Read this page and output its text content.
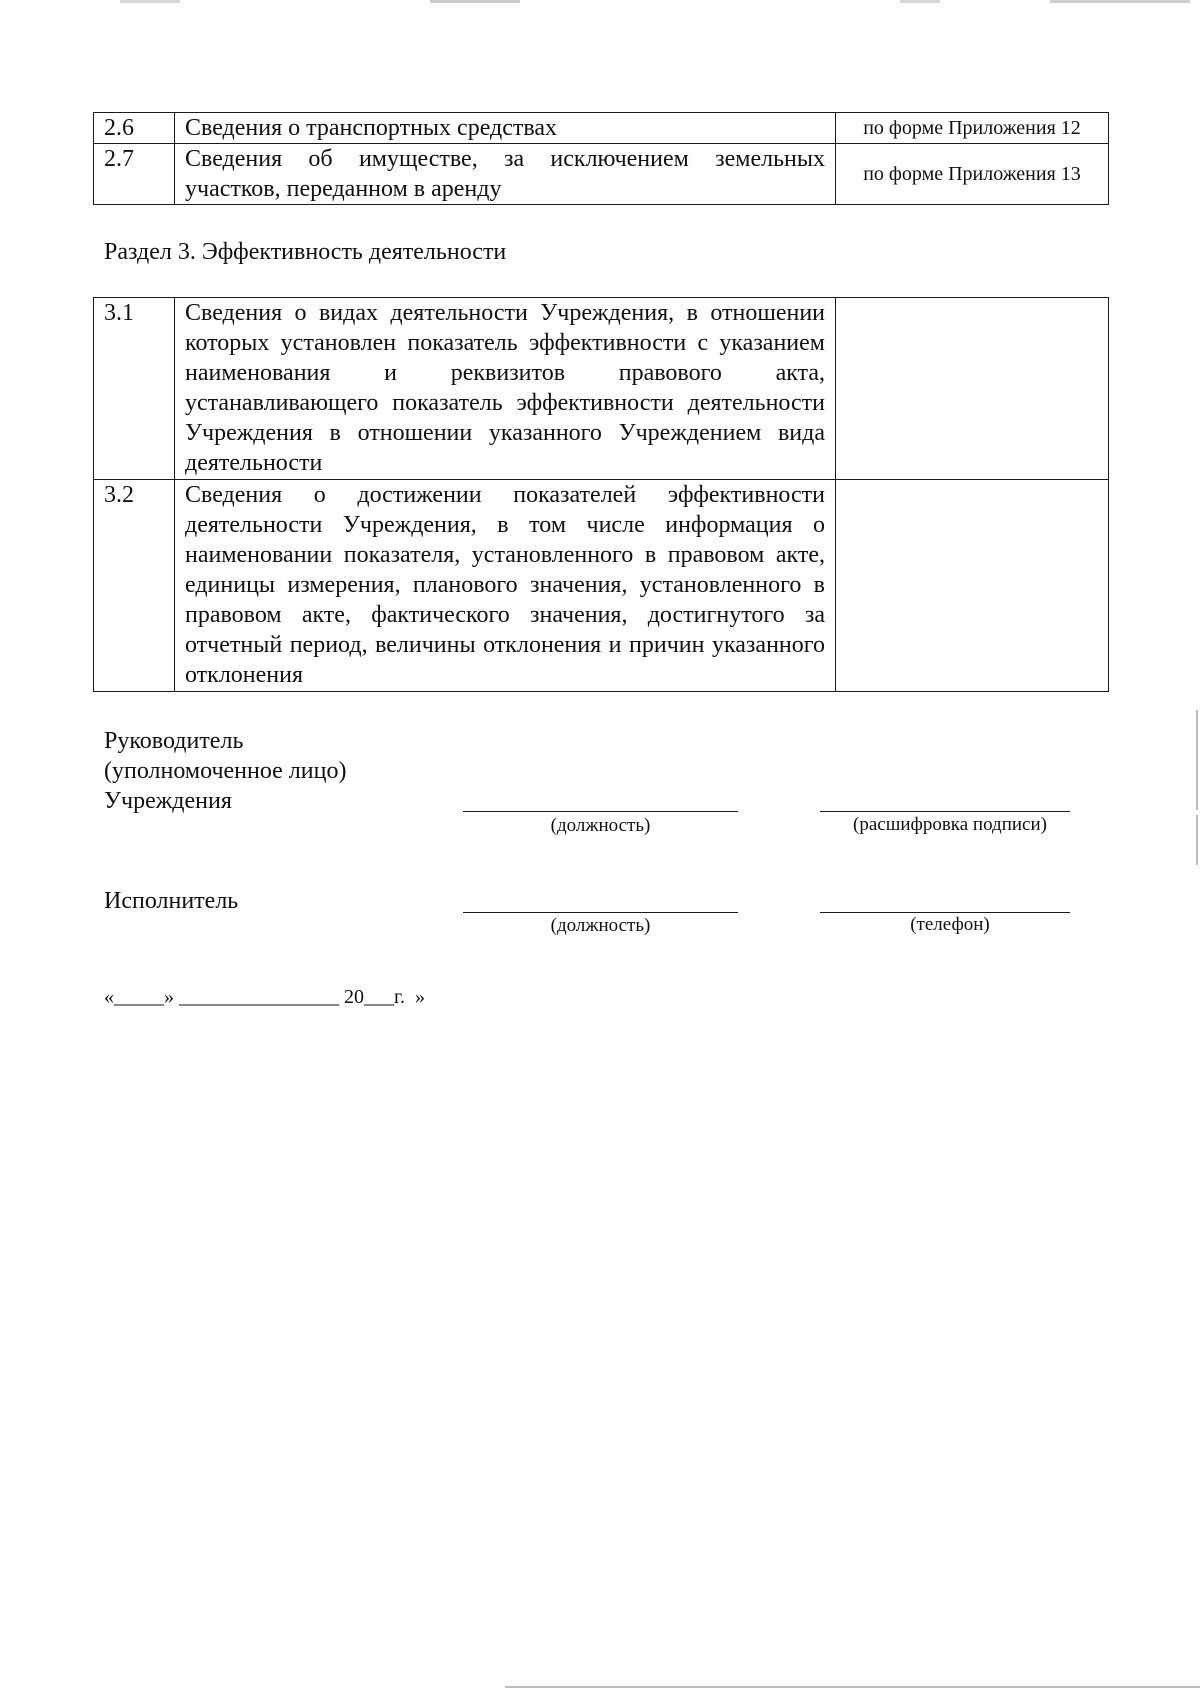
2.6	Сведения о транспортных средствах	по форме Приложения 12
2.7	Сведения об имуществе, за исключением земельных участков, переданном в аренду	по форме Приложения 13
Раздел 3. Эффективность деятельности
3.1	Сведения о видах деятельности Учреждения, в отношении которых установлен показатель эффективности с указанием наименования и реквизитов правового акта, устанавливающего показатель эффективности деятельности Учреждения в отношении указанного Учреждением вида деятельности	
3.2	Сведения о достижении показателей эффективности деятельности Учреждения, в том числе информация о наименовании показателя, установленного в правовом акте, единицы измерения, планового значения, установленного в правовом акте, фактического значения, достигнутого за отчетный период, величины отклонения и причин указанного отклонения	
Руководитель
(уполномоченное лицо)
Учреждения
(должность)	(расшифровка подписи)
Исполнитель
(должность)	(телефон)
«_____» ________________ 20___г.  »
